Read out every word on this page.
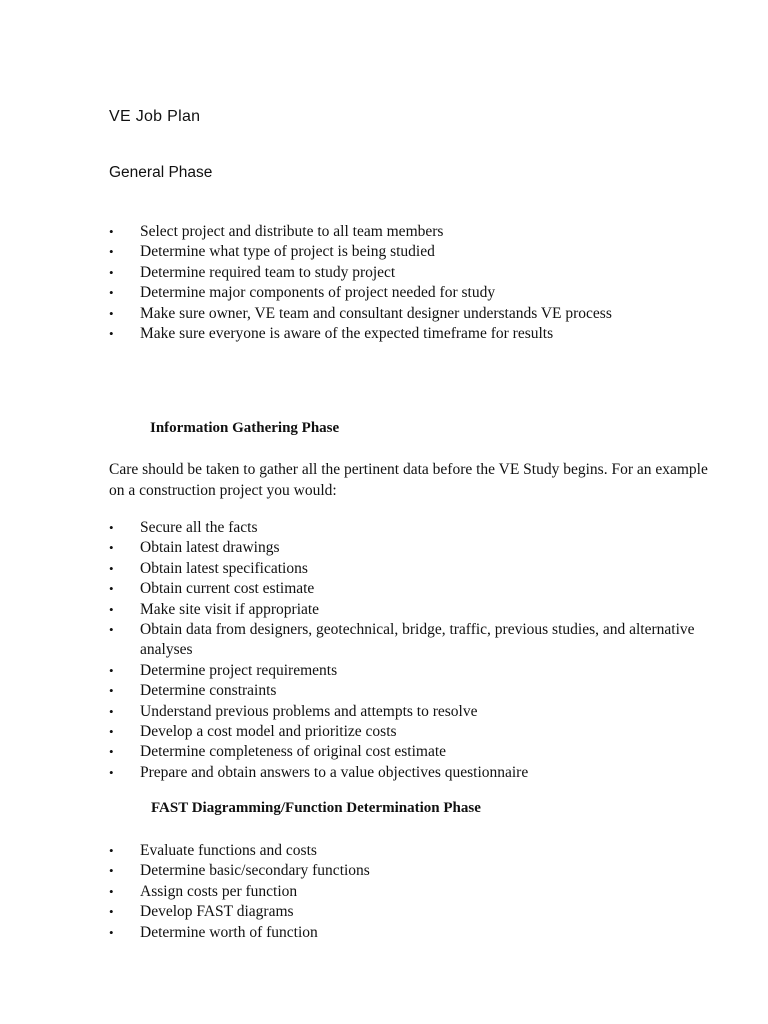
VE Job Plan
General Phase
• Select project and distribute to all team members
• Determine what type of project is being studied
• Determine required team to study project
• Determine major components of project needed for study
• Make sure owner, VE team and consultant designer understands VE process
• Make sure everyone is aware of the expected timeframe for results
Information Gathering Phase
Care should be taken to gather all the pertinent data before the VE Study begins. For an example on a construction project you would:
• Secure all the facts
• Obtain latest drawings
• Obtain latest specifications
• Obtain current cost estimate
• Make site visit if appropriate
• Obtain data from designers, geotechnical, bridge, traffic, previous studies, and alternative analyses
• Determine project requirements
• Determine constraints
• Understand previous problems and attempts to resolve
• Develop a cost model and prioritize costs
• Determine completeness of original cost estimate
• Prepare and obtain answers to a value objectives questionnaire
FAST Diagramming/Function Determination Phase
• Evaluate functions and costs
• Determine basic/secondary functions
• Assign costs per function
• Develop FAST diagrams
• Determine worth of function
